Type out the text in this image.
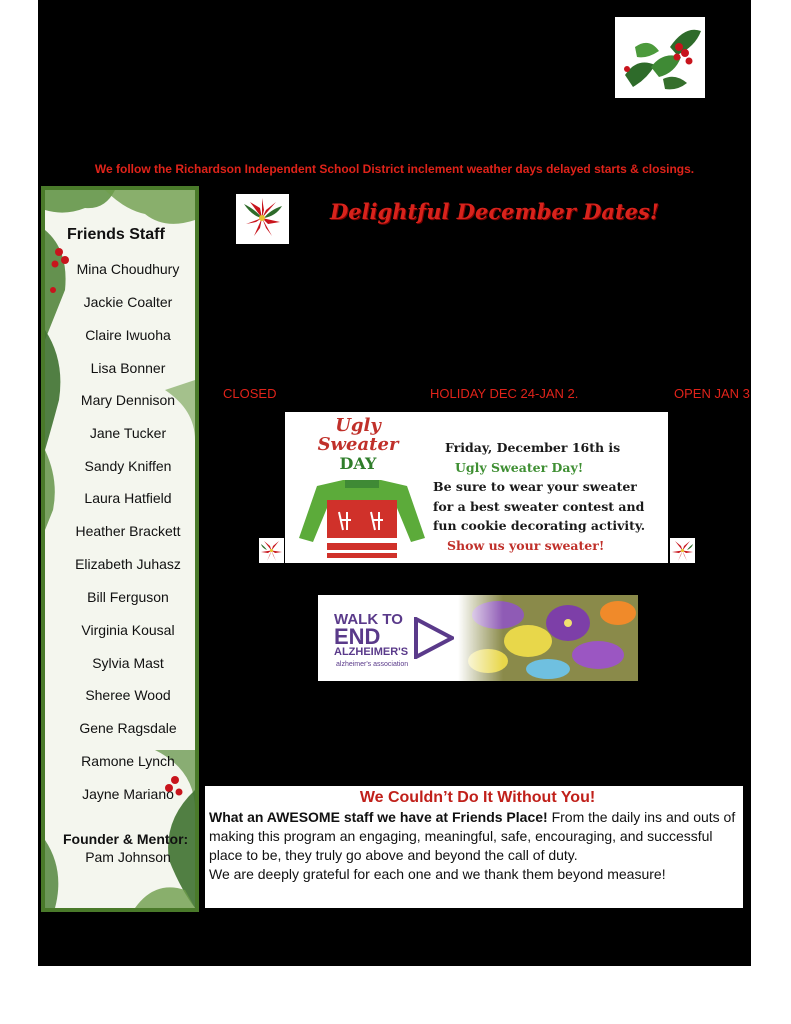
We follow the Richardson Independent School District inclement weather days delayed starts & closings.
Friends Staff
Mina Choudhury
Jackie Coalter
Claire Iwuoha
Lisa Bonner
Mary Dennison
Jane Tucker
Sandy Kniffen
Laura Hatfield
Heather Brackett
Elizabeth Juhasz
Bill Ferguson
Virginia Kousal
Sylvia Mast
Sheree Wood
Gene Ragsdale
Ramone Lynch
Jayne Mariano
Founder & Mentor:
Pam Johnson
Delightful December Dates!
CLOSED	HOLIDAY DEC 24-JAN 2.	OPEN JAN 3
Ugly
Sweater
DAY
Friday, December 16th is
Ugly Sweater Day!
Be sure to wear your sweater
for a best sweater contest and
fun cookie decorating activity.
Show us your sweater!
WALK TO
END
ALZHEIMER'S
alzheimer's association
We Couldn’t Do It Without You!
What an AWESOME staff we have at Friends Place! From the daily ins and outs of making this program an engaging, meaningful, safe, encouraging, and successful place to be, they truly go above and beyond the call of duty.
We are deeply grateful for each one and we thank them beyond measure!
